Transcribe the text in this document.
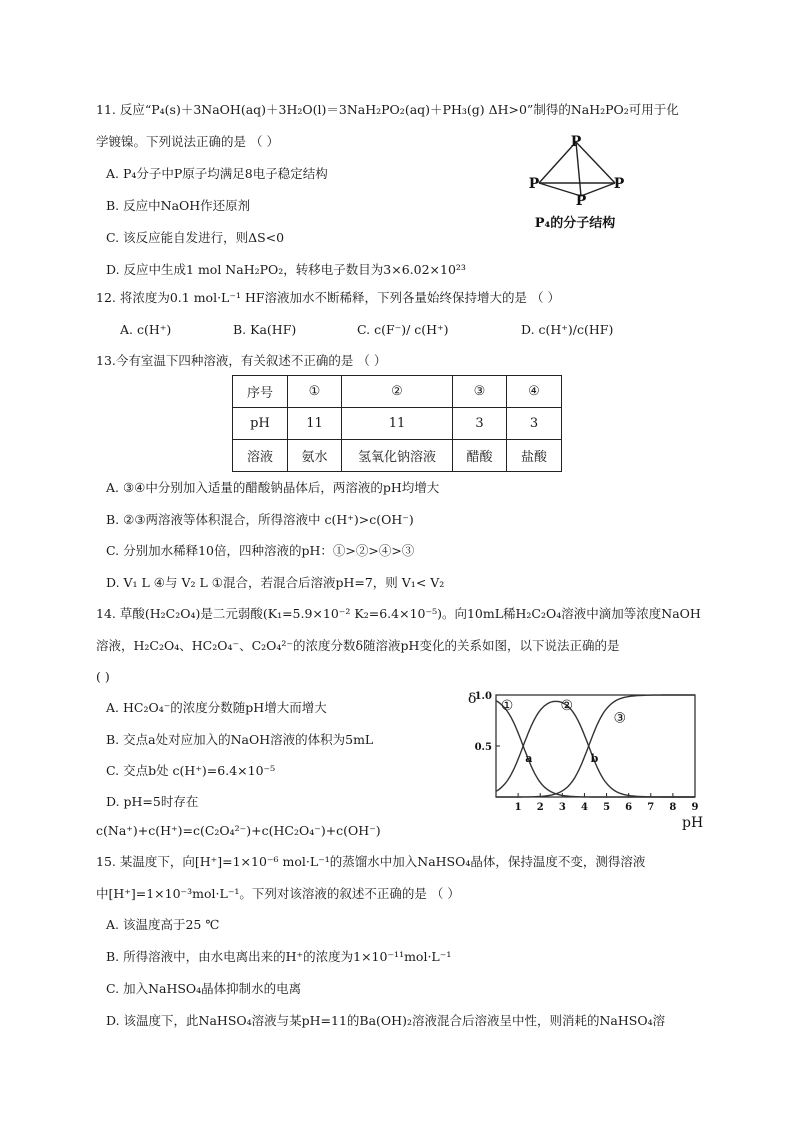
11. 反应“P₄(s)＋3NaOH(aq)＋3H₂O(l)＝3NaH₂PO₂(aq)＋PH₃(g) ΔH>0”制得的NaH₂PO₂可用于化
学镀镍。下列说法正确的是 （ ）
A. P₄分子中P原子均满足8电子稳定结构
B. 反应中NaOH作还原剂
C. 该反应能自发进行，则ΔS<0
D. 反应中生成1 mol NaH₂PO₂，转移电子数目为3×6.02×10²³
P
P	P
P
P₄的分子结构
12. 将浓度为0.1 mol·L⁻¹ HF溶液加水不断稀释，下列各量始终保持增大的是 （ ）
A. c(H⁺)	B. Ka(HF)	C. c(F⁻)/ c(H⁺)	D. c(H⁺)/c(HF)
13.今有室温下四种溶液，有关叙述不正确的是 （ ）
序号	①	②	③	④
pH	11	11	3	3
溶液	氨水	氢氧化钠溶液	醋酸	盐酸
A. ③④中分别加入适量的醋酸钠晶体后，两溶液的pH均增大
B. ②③两溶液等体积混合，所得溶液中 c(H⁺)>c(OH⁻)
C. 分别加水稀释10倍，四种溶液的pH：①>②>④>③
D. V₁ L ④与 V₂ L ①混合，若混合后溶液pH=7，则 V₁< V₂
14. 草酸(H₂C₂O₄)是二元弱酸(K₁=5.9×10⁻² K₂=6.4×10⁻⁵)。向10mL稀H₂C₂O₄溶液中滴加等浓度NaOH
溶液，H₂C₂O₄、HC₂O₄⁻、C₂O₄²⁻的浓度分数δ随溶液pH变化的关系如图，以下说法正确的是
( )
A. HC₂O₄⁻的浓度分数随pH增大而增大
B. 交点a处对应加入的NaOH溶液的体积为5mL
C. 交点b处 c(H⁺)=6.4×10⁻⁵
D. pH=5时存在
c(Na⁺)+c(H⁺)=c(C₂O₄²⁻)+c(HC₂O₄⁻)+c(OH⁻)
1 2 3 4 5 6 7 8 9
0.5
1.0
δ
pH
①	②
③
a	b
15. 某温度下，向[H⁺]=1×10⁻⁶ mol·L⁻¹的蒸馏水中加入NaHSO₄晶体，保持温度不变，测得溶液
中[H⁺]=1×10⁻³mol·L⁻¹。下列对该溶液的叙述不正确的是 （ ）
A. 该温度高于25 ℃
B. 所得溶液中，由水电离出来的H⁺的浓度为1×10⁻¹¹mol·L⁻¹
C. 加入NaHSO₄晶体抑制水的电离
D. 该温度下，此NaHSO₄溶液与某pH=11的Ba(OH)₂溶液混合后溶液呈中性，则消耗的NaHSO₄溶
